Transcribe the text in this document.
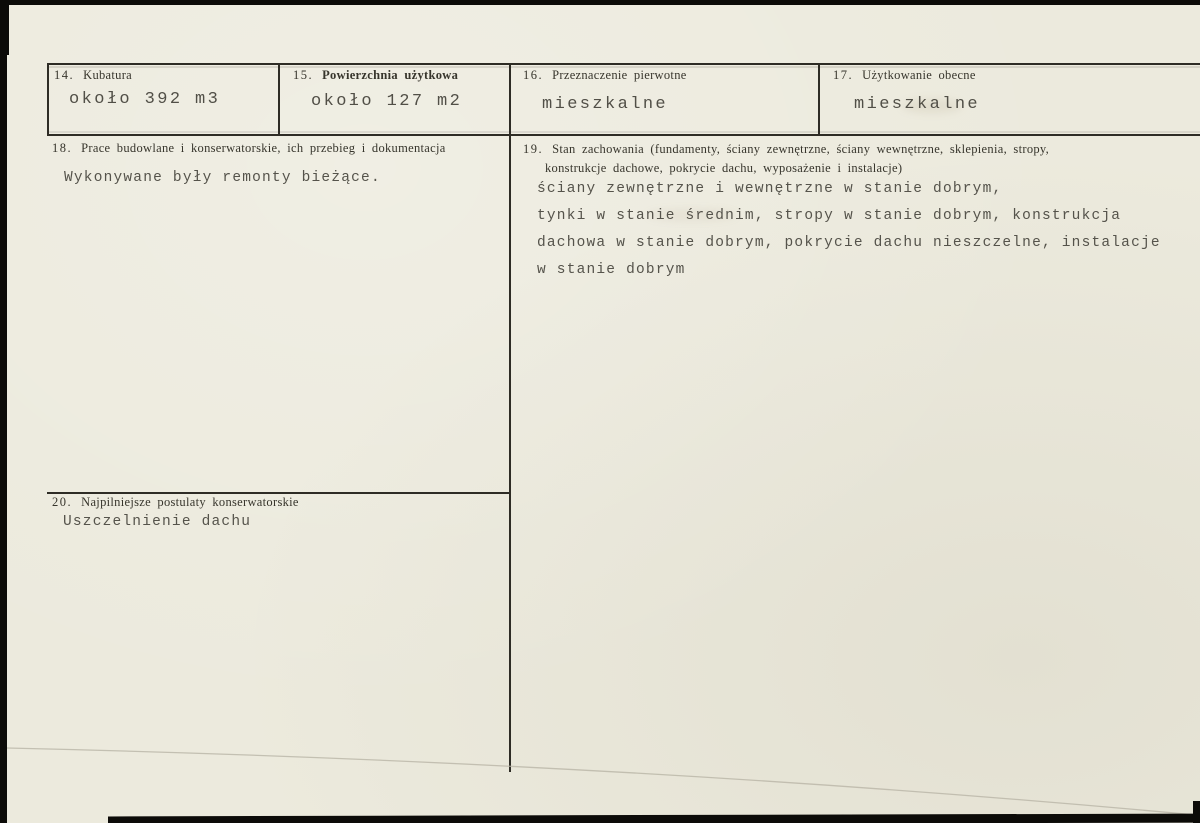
14. Kubatura
około 392 m3
15. Powierzchnia użytkowa
około 127 m2
16. Przeznaczenie pierwotne
mieszkalne
17. Użytkowanie obecne
mieszkalne
18. Prace budowlane i konserwatorskie, ich przebieg i dokumentacja
Wykonywane były remonty bieżące.
19. Stan zachowania (fundamenty, ściany zewnętrzne, ściany wewnętrzne, sklepienia, stropy,
konstrukcje dachowe, pokrycie dachu, wyposażenie i instalacje)
ściany zewnętrzne i wewnętrzne w stanie dobrym,
tynki w stanie średnim, stropy w stanie dobrym, konstrukcja
dachowa w stanie dobrym, pokrycie dachu nieszczelne, instalacje
w stanie dobrym
20. Najpilniejsze postulaty konserwatorskie
Uszczelnienie dachu
